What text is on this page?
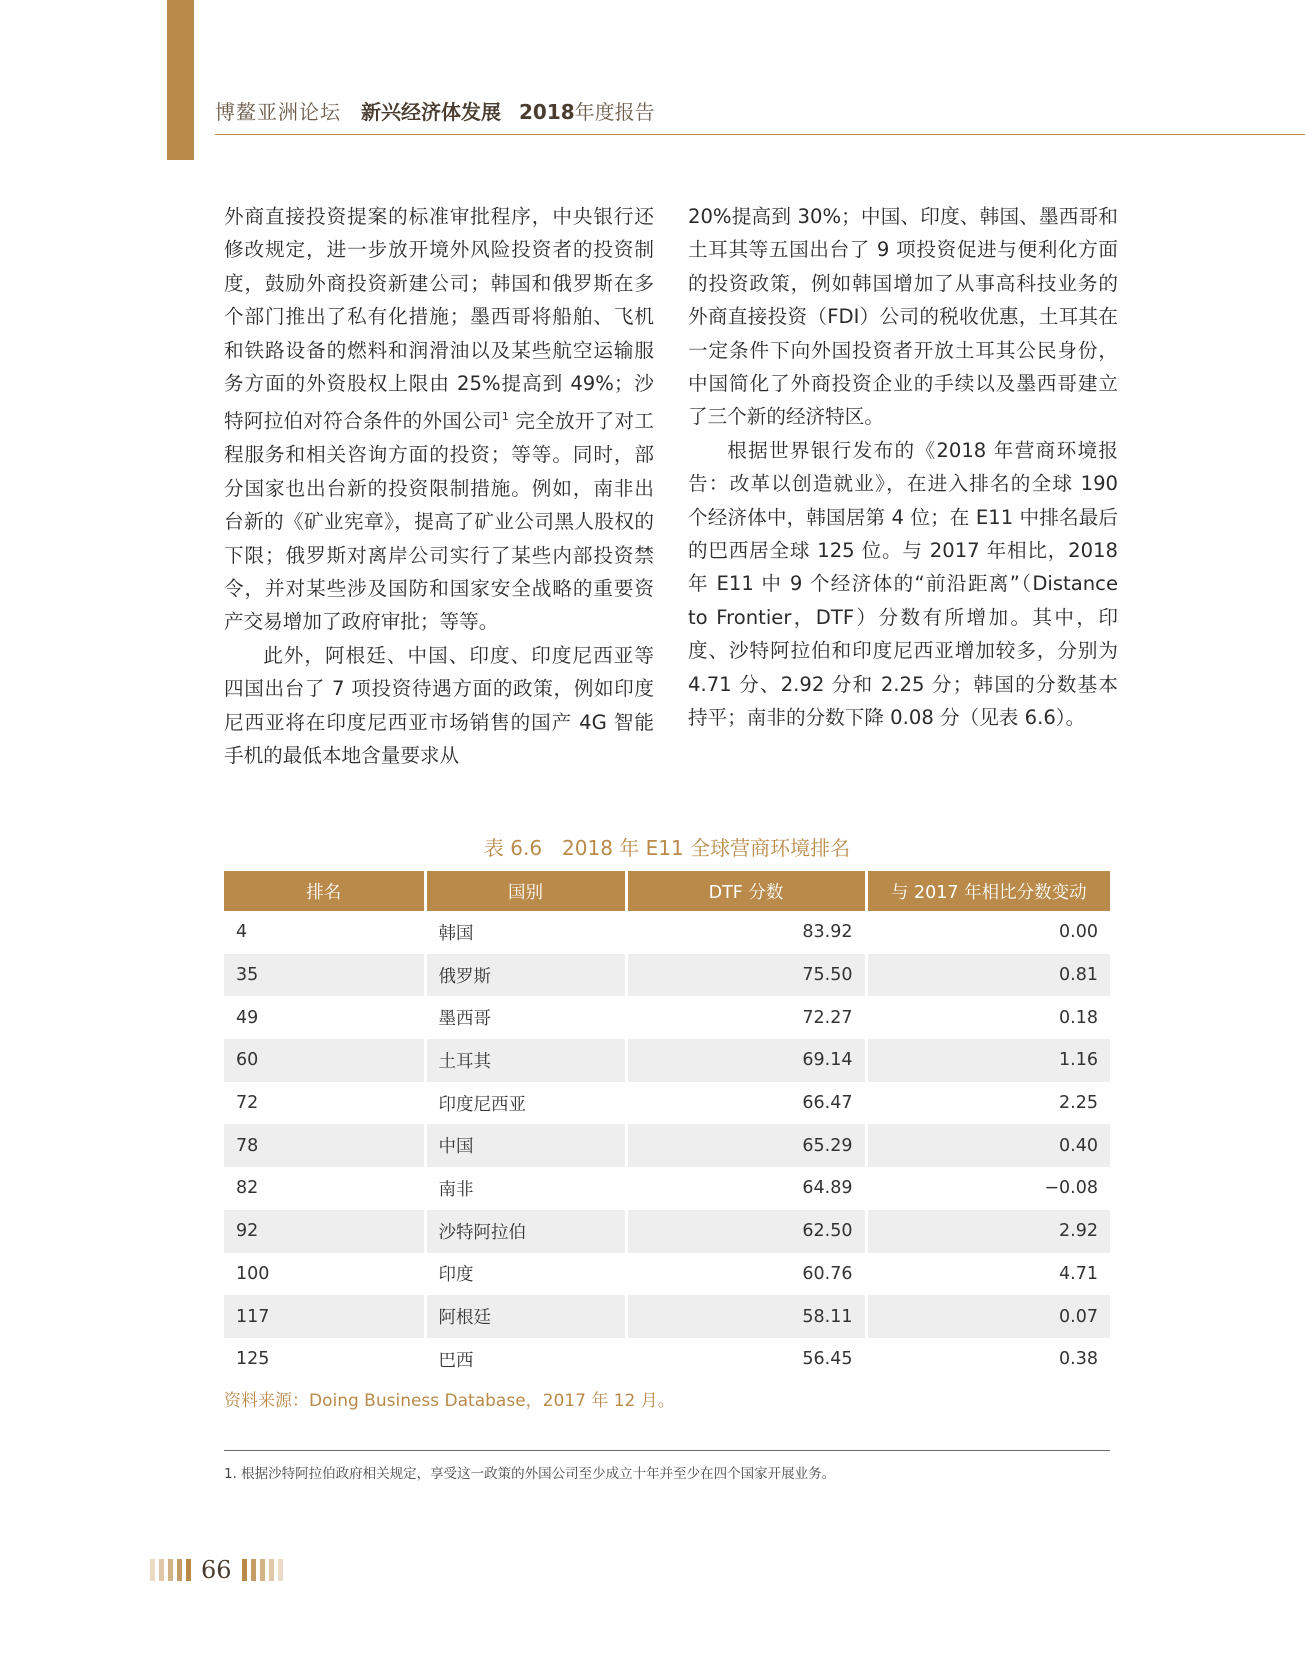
博鳌亚洲论坛 新兴经济体发展 2018年度报告

外商直接投资提案的标准审批程序，中央银行还修改规定，进一步放开境外风险投资者的投资制度，鼓励外商投资新建公司；韩国和俄罗斯在多个部门推出了私有化措施；墨西哥将船舶、飞机和铁路设备的燃料和润滑油以及某些航空运输服务方面的外资股权上限由 25%提高到 49%；沙特阿拉伯对符合条件的外国公司$^1$ 完全放开了对工程服务和相关咨询方面的投资；等等。同时，部分国家也出台新的投资限制措施。例如，南非出台新的《矿业宪章》，提高了矿业公司黑人股权的下限；俄罗斯对离岸公司实行了某些内部投资禁令，并对某些涉及国防和国家安全战略的重要资产交易增加了政府审批；等等。

此外，阿根廷、中国、印度、印度尼西亚等四国出台了 7 项投资待遇方面的政策，例如印度尼西亚将在印度尼西亚市场销售的国产 4G 智能手机的最低本地含量要求从

20%提高到 30%；中国、印度、韩国、墨西哥和土耳其等五国出台了 9 项投资促进与便利化方面的投资政策，例如韩国增加了从事高科技业务的外商直接投资（FDI）公司的税收优惠，土耳其在一定条件下向外国投资者开放土耳其公民身份，中国简化了外商投资企业的手续以及墨西哥建立了三个新的经济特区。

根据世界银行发布的《2018 年营商环境报告：改革以创造就业》，在进入排名的全球 190 个经济体中，韩国居第 4 位；在 E11 中排名最后的巴西居全球 125 位。与 2017 年相比，2018 年 E11 中 9 个经济体的“前沿距离”（Distance to Frontier，DTF）分数有所增加。其中，印度、沙特阿拉伯和印度尼西亚增加较多，分别为 4.71 分、2.92 分和 2.25 分；韩国的分数基本持平；南非的分数下降 0.08 分（见表 6.6）。

表 6.6　2018 年 E11 全球营商环境排名
排名	国别	DTF 分数	与 2017 年相比分数变动
4	韩国	83.92	0.00
35	俄罗斯	75.50	0.81
49	墨西哥	72.27	0.18
60	土耳其	69.14	1.16
72	印度尼西亚	66.47	2.25
78	中国	65.29	0.40
82	南非	64.89	−0.08
92	沙特阿拉伯	62.50	2.92
100	印度	60.76	4.71
117	阿根廷	58.11	0.07
125	巴西	56.45	0.38
资料来源：Doing Business Database，2017 年 12 月。
1. 根据沙特阿拉伯政府相关规定，享受这一政策的外国公司至少成立十年并至少在四个国家开展业务。
66
